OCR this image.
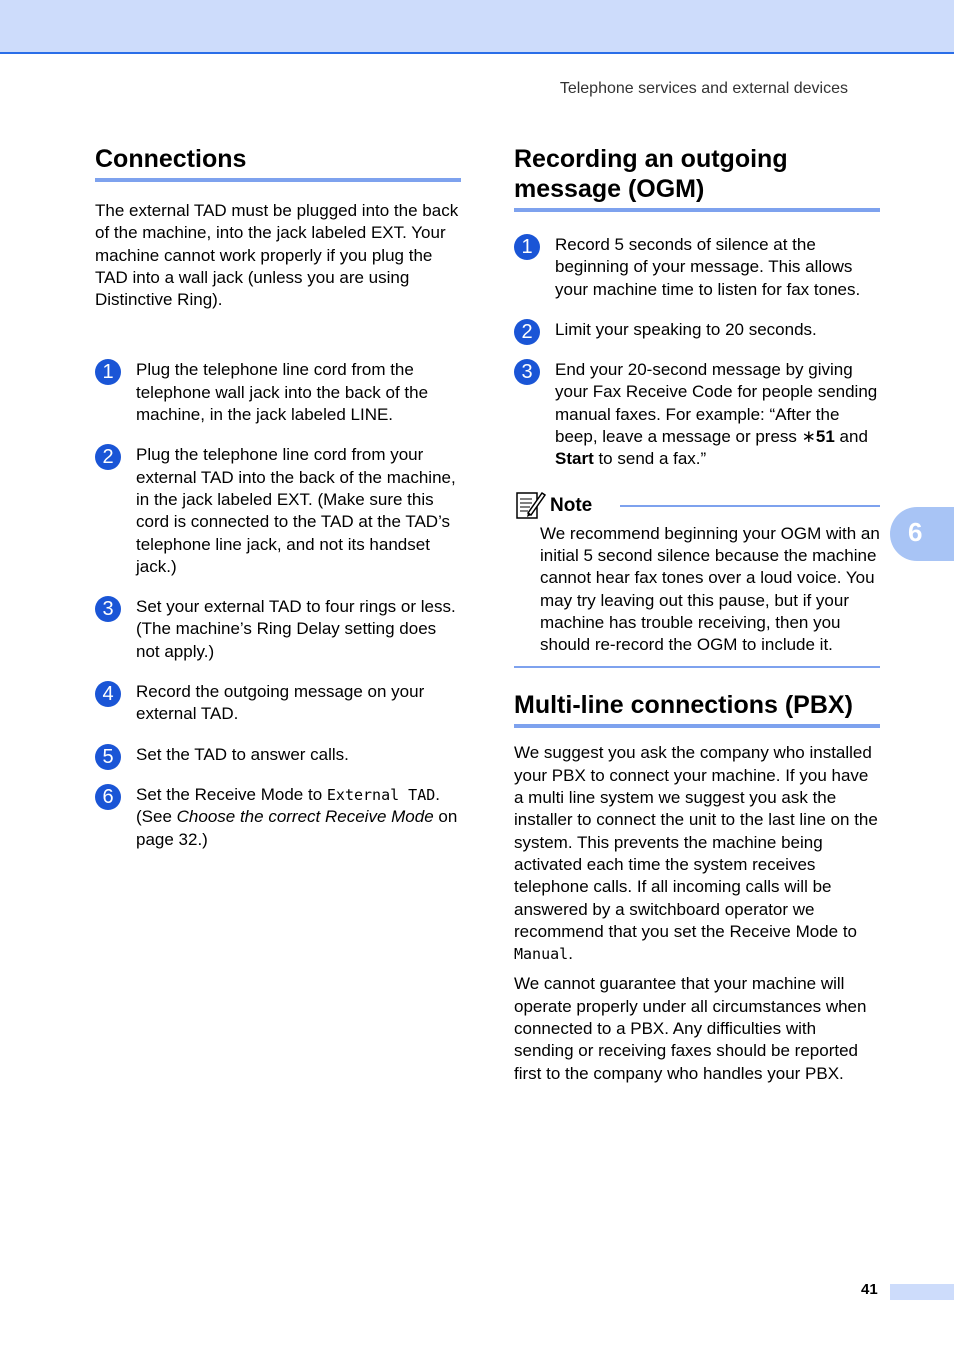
Telephone services and external devices
6
Connections

The external TAD must be plugged into the back of the machine, into the jack labeled EXT. Your machine cannot work properly if you plug the TAD into a wall jack (unless you are using Distinctive Ring).

1	Plug the telephone line cord from the telephone wall jack into the back of the machine, in the jack labeled LINE.
2	Plug the telephone line cord from your external TAD into the back of the machine, in the jack labeled EXT. (Make sure this cord is connected to the TAD at the TAD’s telephone line jack, and not its handset jack.)
3	Set your external TAD to four rings or less. (The machine’s Ring Delay setting does not apply.)
4	Record the outgoing message on your external TAD.
5	Set the TAD to answer calls.
6	Set the Receive Mode to External TAD. (See Choose the correct Receive Mode on page 32.)
Recording an outgoing message (OGM)
1	Record 5 seconds of silence at the beginning of your message. This allows your machine time to listen for fax tones.
2	Limit your speaking to 20 seconds.
3	End your 20-second message by giving your Fax Receive Code for people sending manual faxes. For example: “After the beep, leave a message or press ∗51 and Start to send a fax.”
Note
We recommend beginning your OGM with an initial 5 second silence because the machine cannot hear fax tones over a loud voice. You may try leaving out this pause, but if your machine has trouble receiving, then you should re-record the OGM to include it.
Multi-line connections (PBX)

We suggest you ask the company who installed your PBX to connect your machine. If you have a multi line system we suggest you ask the installer to connect the unit to the last line on the system. This prevents the machine being activated each time the system receives telephone calls. If all incoming calls will be answered by a switchboard operator we recommend that you set the Receive Mode to Manual.

We cannot guarantee that your machine will operate properly under all circumstances when connected to a PBX. Any difficulties with sending or receiving faxes should be reported first to the company who handles your PBX.

41
